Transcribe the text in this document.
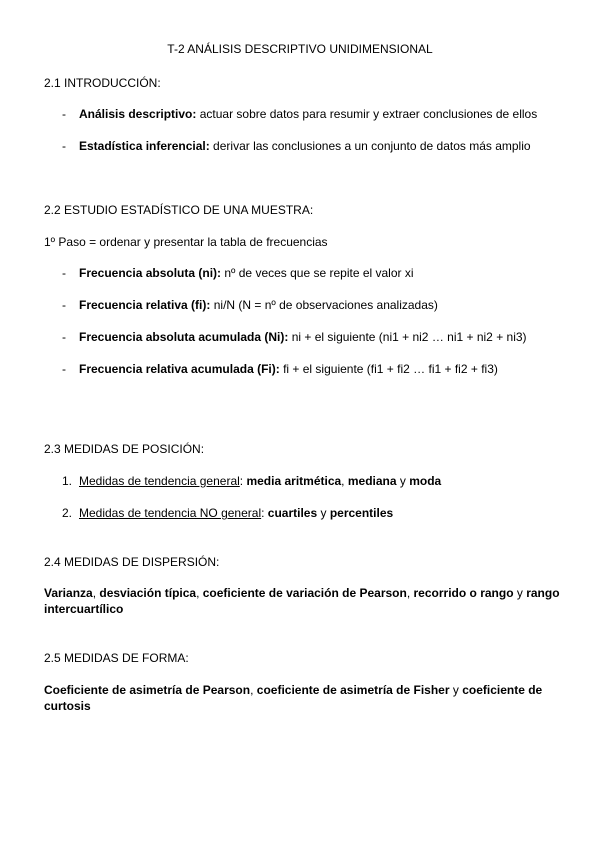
T-2 ANÁLISIS DESCRIPTIVO UNIDIMENSIONAL
2.1 INTRODUCCIÓN:
- Análisis descriptivo: actuar sobre datos para resumir y extraer conclusiones de ellos
- Estadística inferencial: derivar las conclusiones a un conjunto de datos más amplio
2.2 ESTUDIO ESTADÍSTICO DE UNA MUESTRA:
1º Paso = ordenar y presentar la tabla de frecuencias
- Frecuencia absoluta (ni): nº de veces que se repite el valor xi
- Frecuencia relativa (fi): ni/N (N = nº de observaciones analizadas)
- Frecuencia absoluta acumulada (Ni): ni + el siguiente (ni1 + ni2 … ni1 + ni2 + ni3)
- Frecuencia relativa acumulada (Fi): fi + el siguiente (fi1 + fi2 … fi1 + fi2 + fi3)
2.3 MEDIDAS DE POSICIÓN:
1. Medidas de tendencia general: media aritmética, mediana y moda
2. Medidas de tendencia NO general: cuartiles y percentiles
2.4 MEDIDAS DE DISPERSIÓN:
Varianza, desviación típica, coeficiente de variación de Pearson, recorrido o rango y rango intercuartílico
2.5 MEDIDAS DE FORMA:
Coeficiente de asimetría de Pearson, coeficiente de asimetría de Fisher y coeficiente de curtosis
